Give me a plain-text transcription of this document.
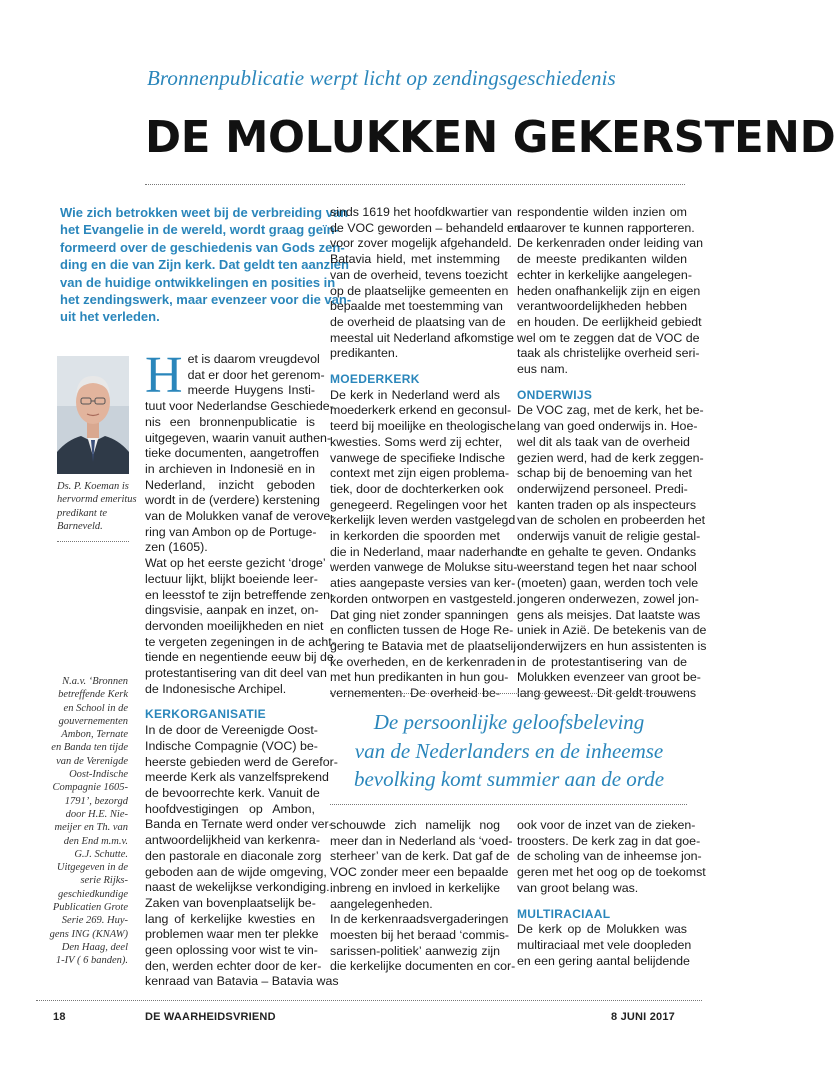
Bronnenpublicatie werpt licht op zendingsgeschiedenis
DE MOLUKKEN GEKERSTEND
Wie zich betrokken weet bij de verbreiding van
het Evangelie in de wereld, wordt graag geïn-
formeerd over de geschiedenis van Gods zen-
ding en die van Zijn kerk. Dat geldt ten aanzien
van de huidige ontwikkelingen en posities in
het zendingswerk, maar evenzeer voor die van-
uit het verleden.
Ds. P. Koeman is
hervormd emeritus
predikant te
Barneveld.
N.a.v. ‘Bronnen
betreffende Kerk
en School in de
gouvernementen
Ambon, Ternate
en Banda ten tijde
van de Verenigde
Oost-Indische
Compagnie 1605-
1791’, bezorgd
door H.E. Nie-
meijer en Th. van
den End m.m.v.
G.J. Schutte.
Uitgegeven in de
serie Rijks-
geschiedkundige
Publicatien Grote
Serie 269. Huy-
gens ING (KNAW)
Den Haag, deel
1-IV ( 6 banden).
H et is daarom vreugdevol
dat er door het gerenom-
meerde Huygens Insti-
tuut voor Nederlandse Geschiede-
nis een bronnenpublicatie is
uitgegeven, waarin vanuit authen-
tieke documenten, aangetroffen
in archieven in Indonesië en in
Nederland, inzicht geboden
wordt in de (verdere) kerstening
van de Molukken vanaf de verove-
ring van Ambon op de Portuge-
zen (1605).
Wat op het eerste gezicht ‘droge’
lectuur lijkt, blijkt boeiende leer-
en leesstof te zijn betreffende zen-
dingsvisie, aanpak en inzet, on-
dervonden moeilijkheden en niet
te vergeten zegeningen in de acht-
tiende en negentiende eeuw bij de
protestantisering van dit deel van
de Indonesische Archipel.
KERKORGANISATIE
In de door de Vereenigde Oost-
Indische Compagnie (VOC) be-
heerste gebieden werd de Gerefor-
meerde Kerk als vanzelfsprekend
de bevoorrechte kerk. Vanuit de
hoofdvestigingen op Ambon,
Banda en Ternate werd onder ver-
antwoordelijkheid van kerkenra-
den pastorale en diaconale zorg
geboden aan de wijde omgeving,
naast de wekelijkse verkondiging.
Zaken van bovenplaatselijk be-
lang of kerkelijke kwesties en
problemen waar men ter plekke
geen oplossing voor wist te vin-
den, werden echter door de ker-
kenraad van Batavia – Batavia was
sinds 1619 het hoofdkwartier van
de VOC geworden – behandeld en
voor zover mogelijk afgehandeld.
Batavia hield, met instemming
van de overheid, tevens toezicht
op de plaatselijke gemeenten en
bepaalde met toestemming van
de overheid de plaatsing van de
meestal uit Nederland afkomstige
predikanten.
MOEDERKERK
De kerk in Nederland werd als
moederkerk erkend en geconsul-
teerd bij moeilijke en theologische
kwesties. Soms werd zij echter,
vanwege de specifieke Indische
context met zijn eigen problema-
tiek, door de dochterkerken ook
genegeerd. Regelingen voor het
kerkelijk leven werden vastgelegd
in kerkorden die spoorden met
die in Nederland, maar naderhand
werden vanwege de Molukse situ-
aties aangepaste versies van ker-
korden ontworpen en vastgesteld.
Dat ging niet zonder spanningen
en conflicten tussen de Hoge Re-
gering te Batavia met de plaatselij-
ke overheden, en de kerkenraden
met hun predikanten in hun gou-
vernementen. De overheid be-
schouwde zich namelijk nog
meer dan in Nederland als ‘voed-
sterheer’ van de kerk. Dat gaf de
VOC zonder meer een bepaalde
inbreng en invloed in kerkelijke
aangelegenheden.
In de kerkenraadsvergaderingen
moesten bij het beraad ‘commis-
sarissen-politiek’ aanwezig zijn
die kerkelijke documenten en cor-
respondentie wilden inzien om
daarover te kunnen rapporteren.
De kerkenraden onder leiding van
de meeste predikanten wilden
echter in kerkelijke aangelegen-
heden onafhankelijk zijn en eigen
verantwoordelijkheden hebben
en houden. De eerlijkheid gebiedt
wel om te zeggen dat de VOC de
taak als christelijke overheid seri-
eus nam.
ONDERWIJS
De VOC zag, met de kerk, het be-
lang van goed onderwijs in. Hoe-
wel dit als taak van de overheid
gezien werd, had de kerk zeggen-
schap bij de benoeming van het
onderwijzend personeel. Predi-
kanten traden op als inspecteurs
van de scholen en probeerden het
onderwijs vanuit de religie gestal-
te en gehalte te geven. Ondanks
weerstand tegen het naar school
(moeten) gaan, werden toch vele
jongeren onderwezen, zowel jon-
gens als meisjes. Dat laatste was
uniek in Azië. De betekenis van de
onderwijzers en hun assistenten is
in de protestantisering van de
Molukken evenzeer van groot be-
lang geweest. Dit geldt trouwens
ook voor de inzet van de zieken-
troosters. De kerk zag in dat goe-
de scholing van de inheemse jon-
geren met het oog op de toekomst
van groot belang was.
MULTIRACIAAL
De kerk op de Molukken was
multiraciaal met vele doopleden
en een gering aantal belijdende
De persoonlijke geloofsbeleving
van de Nederlanders en de inheemse
bevolking komt summier aan de orde
18	DE WAARHEIDSVRIEND	8 JUNI 2017
